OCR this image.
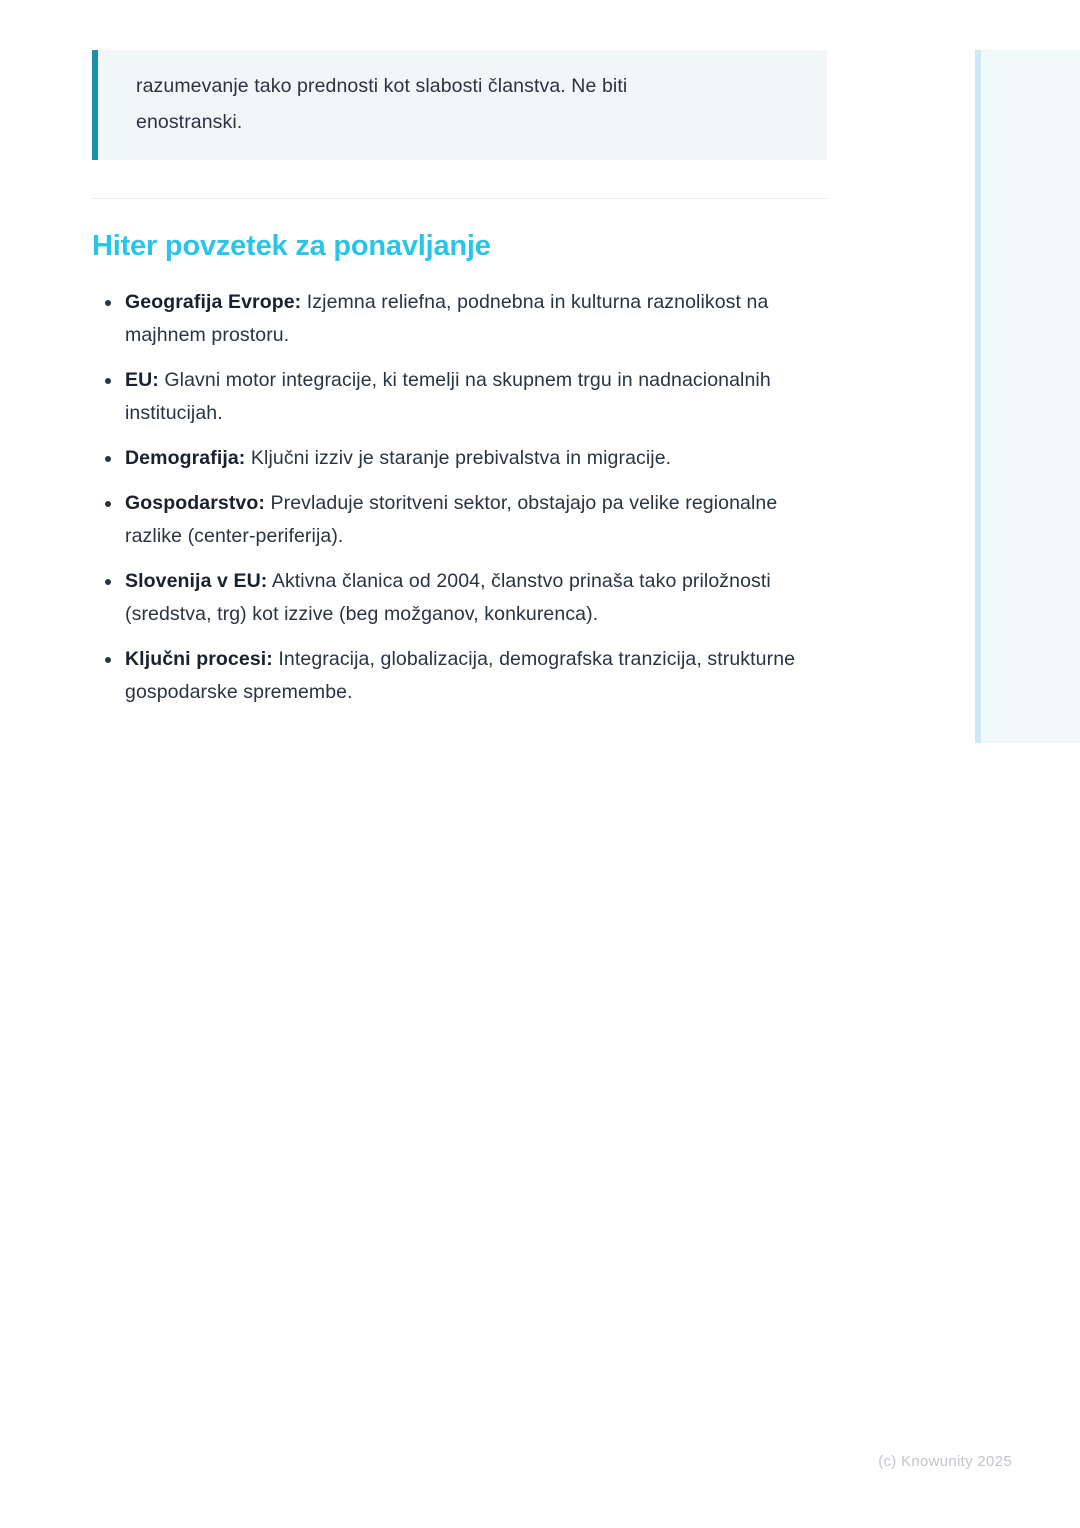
razumevanje tako prednosti kot slabosti članstva. Ne biti
enostranski.

Hiter povzetek za ponavljanje
Geografija Evrope: Izjemna reliefna, podnebna in kulturna raznolikost na majhnem prostoru.
EU: Glavni motor integracije, ki temelji na skupnem trgu in nadnacionalnih institucijah.
Demografija: Ključni izziv je staranje prebivalstva in migracije.
Gospodarstvo: Prevladuje storitveni sektor, obstajajo pa velike regionalne razlike (center-periferija).
Slovenija v EU: Aktivna članica od 2004, članstvo prinaša tako priložnosti (sredstva, trg) kot izzive (beg možganov, konkurenca).
Ključni procesi: Integracija, globalizacija, demografska tranzicija, strukturne gospodarske spremembe.
(c) Knowunity 2025
